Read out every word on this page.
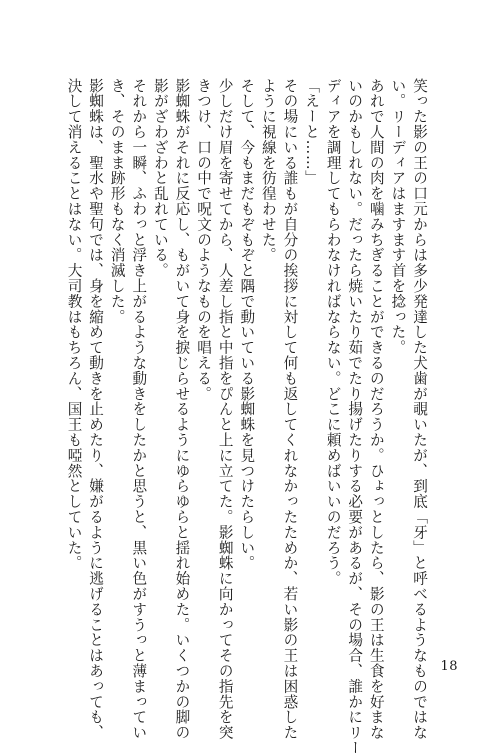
笑った影の王の口元からは多少発達した犬歯が覗いたが、到底「牙」と呼べるようなものではな
い。リーディアはますます首を捻った。
あれで人間の肉を噛みちぎることができるのだろうか。ひょっとしたら、影の王は生食を好まな
いのかもしれない。だったら焼いたり茹でたり揚げたりする必要があるが、その場合、誰かにリー
ディアを調理してもらわなければならない。どこに頼めばいいのだろう。
「えーと……」
その場にいる誰もが自分の挨拶に対して何も返してくれなかったためか、若い影の王は困惑した
ように視線を彷徨わせた。
そして、今もまだもぞもぞと隅で動いている影蜘蛛を見つけたらしい。
少しだけ眉を寄せてから、人差し指と中指をぴんと上に立てた。影蜘蛛に向かってその指先を突
きつけ、口の中で呪文のようなものを唱える。
影蜘蛛がそれに反応し、もがいて身を捩じらせるようにゆらゆらと揺れ始めた。いくつかの脚の
影がざわざわと乱れている。
それから一瞬、ふわっと浮き上がるような動きをしたかと思うと、黒い色がすうっと薄まってい
き、そのまま跡形もなく消滅した。
影蜘蛛は、聖水や聖句では、身を縮めて動きを止めたり、嫌がるように逃げることはあっても、
決して消えることはない。大司教はもちろん、国王も啞然としていた。
18
